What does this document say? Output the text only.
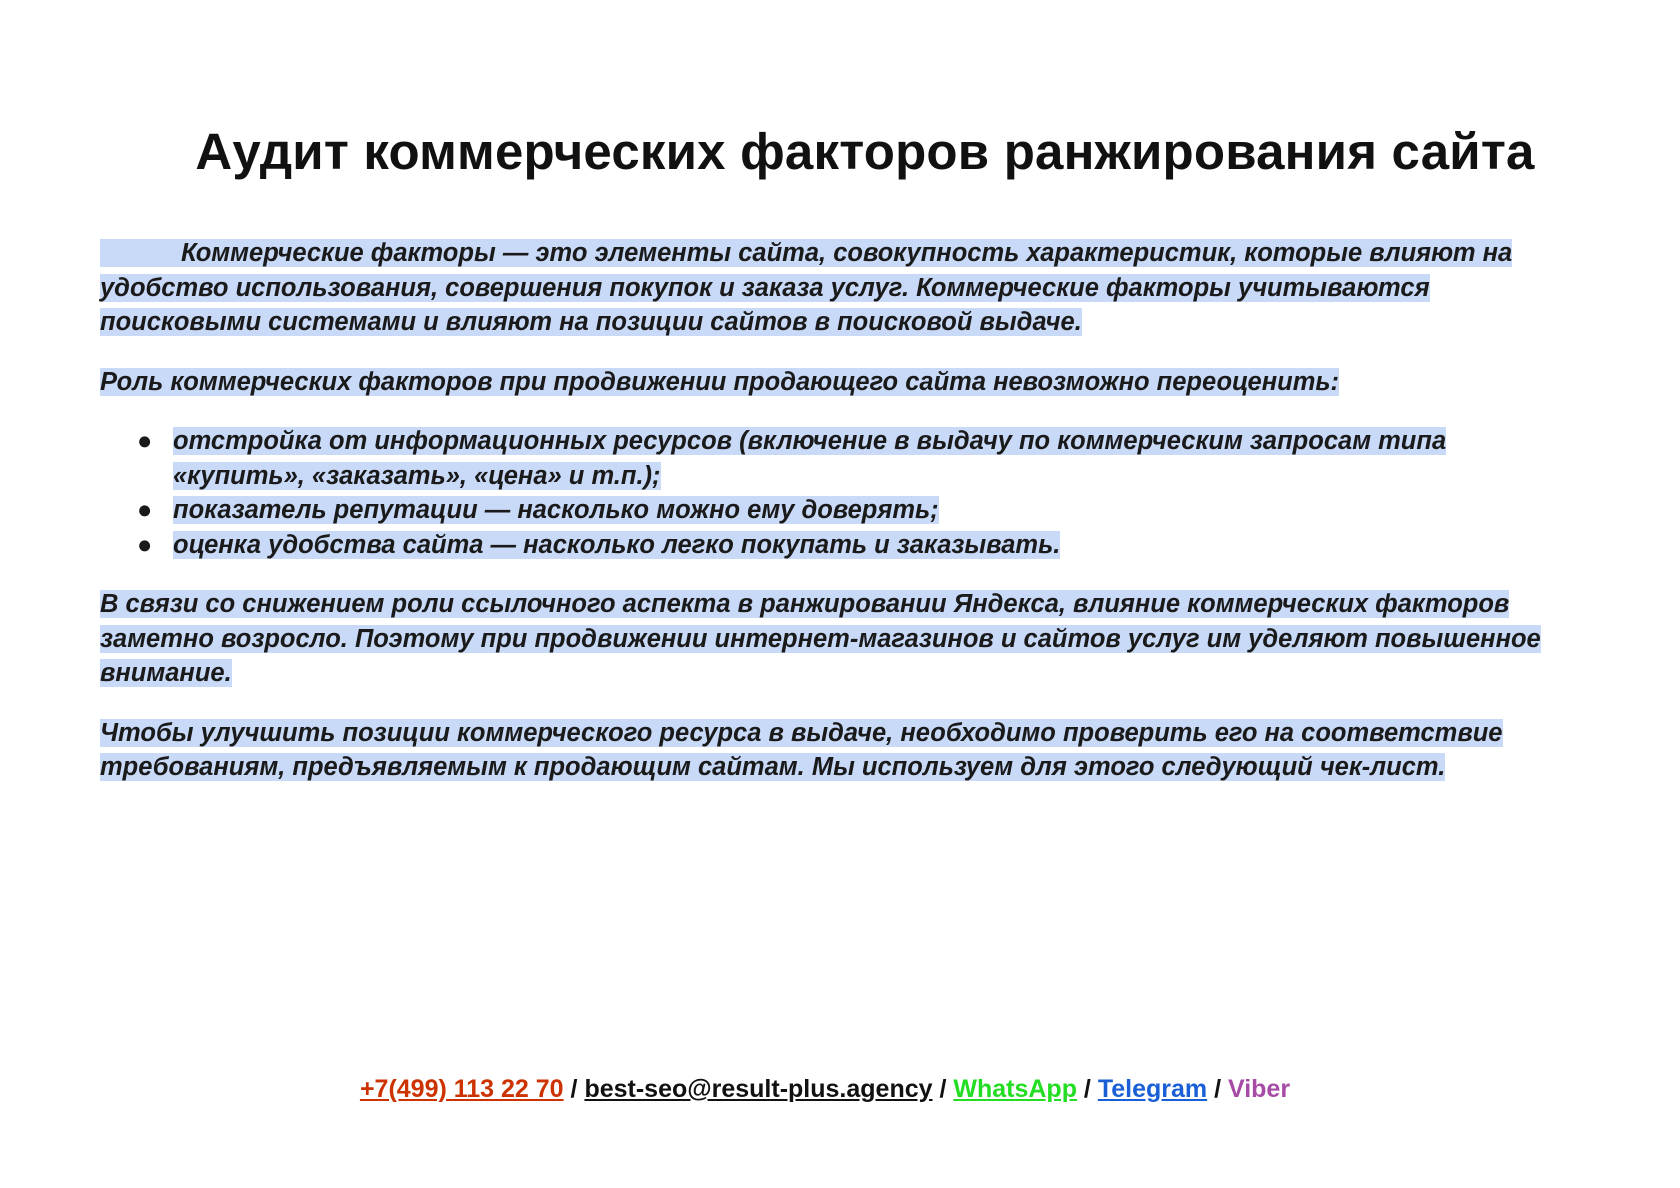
Аудит коммерческих факторов ранжирования сайта

Коммерческие факторы — это элементы сайта, совокупность характеристик, которые влияют на удобство использования, совершения покупок и заказа услуг. Коммерческие факторы учитываются поисковыми системами и влияют на позиции сайтов в поисковой выдаче.

Роль коммерческих факторов при продвижении продающего сайта невозможно переоценить:

● отстройка от информационных ресурсов (включение в выдачу по коммерческим запросам типа «купить», «заказать», «цена» и т.п.);
● показатель репутации — насколько можно ему доверять;
● оценка удобства сайта — насколько легко покупать и заказывать.

В связи со снижением роли ссылочного аспекта в ранжировании Яндекса, влияние коммерческих факторов заметно возросло. Поэтому при продвижении интернет-магазинов и сайтов услуг им уделяют повышенное внимание.

Чтобы улучшить позиции коммерческого ресурса в выдаче, необходимо проверить его на соответствие требованиям, предъявляемым к продающим сайтам. Мы используем для этого следующий чек-лист.

+7(499) 113 22 70 / best-seo@result-plus.agency / WhatsApp / Telegram / Viber
